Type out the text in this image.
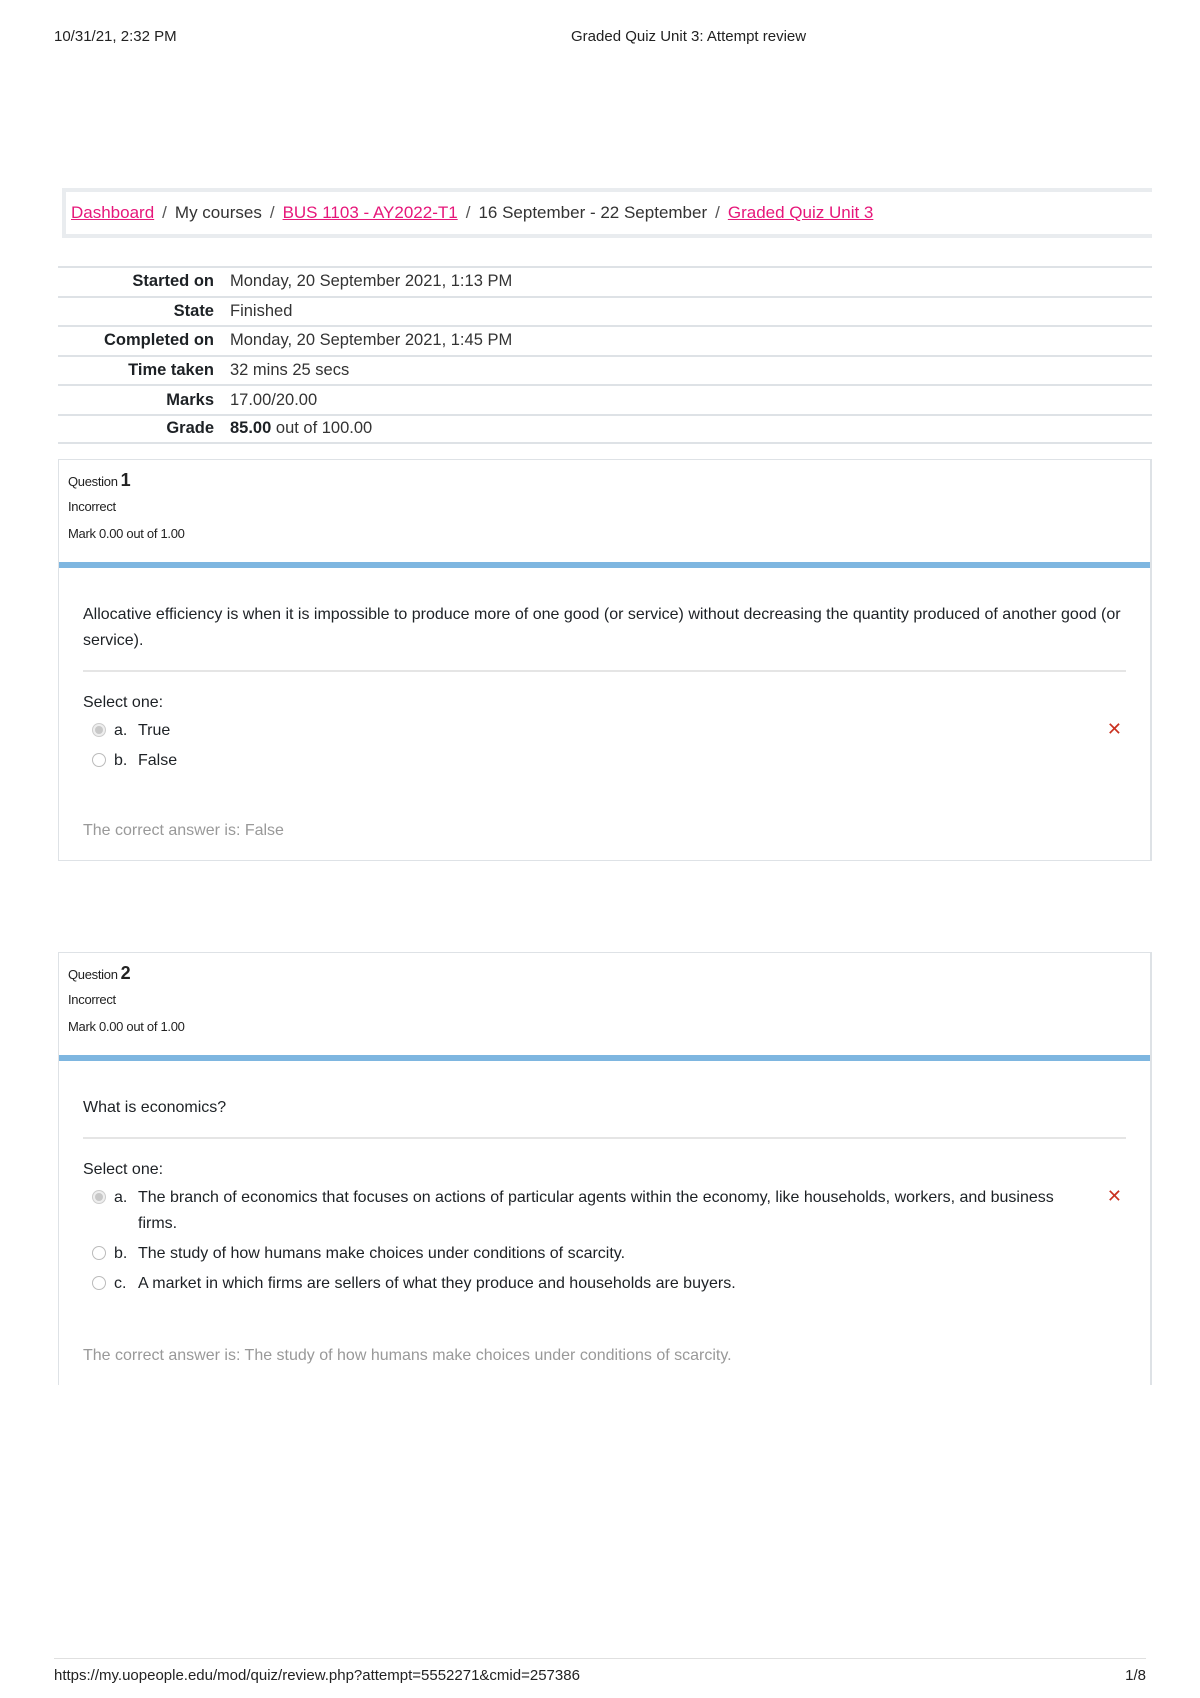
10/31/21, 2:32 PM	Graded Quiz Unit 3: Attempt review
Dashboard / My courses / BUS 1103 - AY2022-T1 / 16 September - 22 September / Graded Quiz Unit 3
Started on Monday, 20 September 2021, 1:13 PM
State Finished
Completed on Monday, 20 September 2021, 1:45 PM
Time taken 32 mins 25 secs
Marks 17.00/20.00
Grade 85.00 out of 100.00
Question 1
Incorrect
Mark 0.00 out of 1.00
Allocative efficiency is when it is impossible to produce more of one good (or service) without decreasing the quantity produced of another good (or service).
Select one:
a. True	✕
b. False
The correct answer is: False
Question 2
Incorrect
Mark 0.00 out of 1.00
What is economics?
Select one:
a. The branch of economics that focuses on actions of particular agents within the economy, like households, workers, and business firms.
✕
b. The study of how humans make choices under conditions of scarcity.
c. A market in which firms are sellers of what they produce and households are buyers.
The correct answer is: The study of how humans make choices under conditions of scarcity.
https://my.uopeople.edu/mod/quiz/review.php?attempt=5552271&cmid=257386	1/8
